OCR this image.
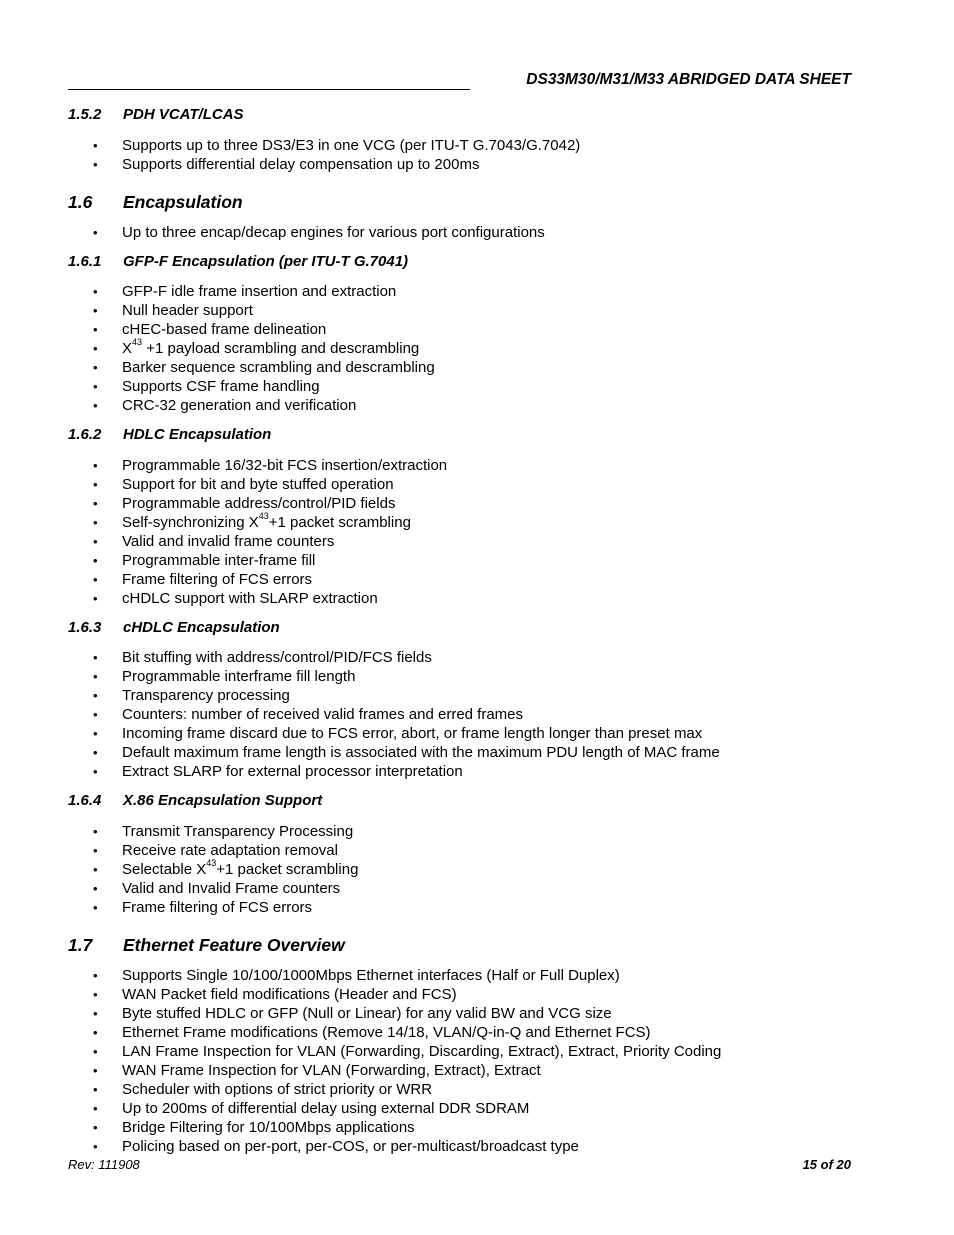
DS33M30/M31/M33 ABRIDGED DATA SHEET
1.5.2 PDH VCAT/LCAS
• Supports up to three DS3/E3 in one VCG (per ITU-T G.7043/G.7042)
• Supports differential delay compensation up to 200ms
1.6 Encapsulation
• Up to three encap/decap engines for various port configurations
1.6.1 GFP-F Encapsulation (per ITU-T G.7041)
• GFP-F idle frame insertion and extraction
• Null header support
• cHEC-based frame delineation
• $X^{43} +1$ payload scrambling and descrambling
• Barker sequence scrambling and descrambling
• Supports CSF frame handling
• CRC-32 generation and verification
1.6.2 HDLC Encapsulation
• Programmable 16/32-bit FCS insertion/extraction
• Support for bit and byte stuffed operation
• Programmable address/control/PID fields
• Self-synchronizing $X^{43}+1$ packet scrambling
• Valid and invalid frame counters
• Programmable inter-frame fill
• Frame filtering of FCS errors
• cHDLC support with SLARP extraction
1.6.3 cHDLC Encapsulation
• Bit stuffing with address/control/PID/FCS fields
• Programmable interframe fill length
• Transparency processing
• Counters: number of received valid frames and erred frames
• Incoming frame discard due to FCS error, abort, or frame length longer than preset max
• Default maximum frame length is associated with the maximum PDU length of MAC frame
• Extract SLARP for external processor interpretation
1.6.4 X.86 Encapsulation Support
• Transmit Transparency Processing
• Receive rate adaptation removal
• Selectable $X^{43}+1$ packet scrambling
• Valid and Invalid Frame counters
• Frame filtering of FCS errors
1.7 Ethernet Feature Overview
• Supports Single 10/100/1000Mbps Ethernet interfaces (Half or Full Duplex)
• WAN Packet field modifications (Header and FCS)
• Byte stuffed HDLC or GFP (Null or Linear) for any valid BW and VCG size
• Ethernet Frame modifications (Remove 14/18, VLAN/Q-in-Q and Ethernet FCS)
• LAN Frame Inspection for VLAN (Forwarding, Discarding, Extract), Extract, Priority Coding
• WAN Frame Inspection for VLAN (Forwarding, Extract), Extract
• Scheduler with options of strict priority or WRR
• Up to 200ms of differential delay using external DDR SDRAM
• Bridge Filtering for 10/100Mbps applications
• Policing based on per-port, per-COS, or per-multicast/broadcast type
Rev: 111908	15 of 20
